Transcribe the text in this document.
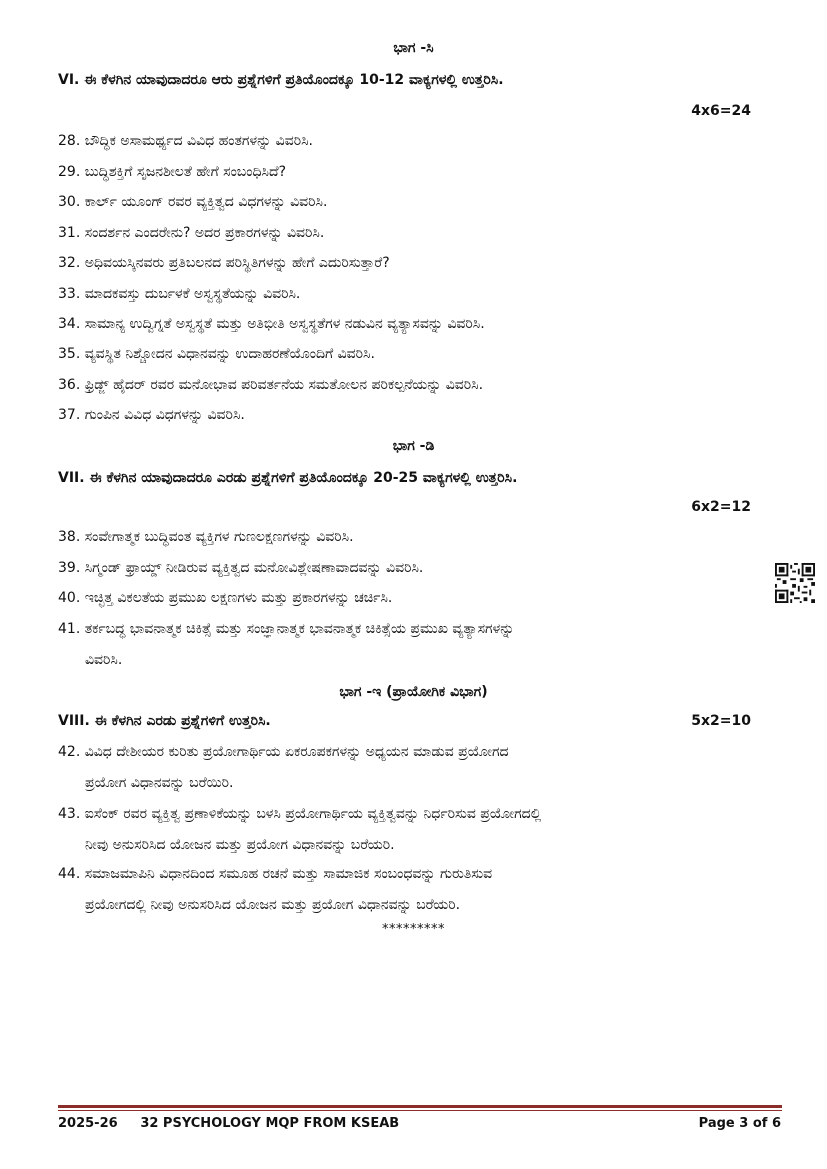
ಭಾಗ -ಸಿ
VI. ಈ ಕೆಳಗಿನ ಯಾವುದಾದರೂ ಆರು ಪ್ರಶ್ನೆಗಳಿಗೆ ಪ್ರತಿಯೊಂದಕ್ಕೂ 10-12 ವಾಕ್ಯಗಳಲ್ಲಿ ಉತ್ತರಿಸಿ.
4x6=24
28. ಬೌದ್ಧಿಕ ಅಸಾಮರ್ಥ್ಯದ ವಿವಿಧ ಹಂತಗಳನ್ನು ವಿವರಿಸಿ.
29. ಬುದ್ಧಿಶಕ್ತಿಗೆ ಸೃಜನಶೀಲತೆ ಹೇಗೆ ಸಂಬಂಧಿಸಿದೆ?
30. ಕಾರ್ಲ್ ಯೂಂಗ್ ರವರ ವ್ಯಕ್ತಿತ್ವದ ವಿಧಗಳನ್ನು ವಿವರಿಸಿ.
31. ಸಂದರ್ಶನ ಎಂದರೇನು? ಅದರ ಪ್ರಕಾರಗಳನ್ನು ವಿವರಿಸಿ.
32. ಅಧಿವಯಸ್ಕಿನವರು ಪ್ರತಿಬಲನದ ಪರಿಸ್ಥಿತಿಗಳನ್ನು ಹೇಗೆ ಎದುರಿಸುತ್ತಾರೆ?
33. ಮಾದಕವಸ್ತು ದುರ್ಬಳಕೆ ಅಸ್ವಸ್ಥತೆಯನ್ನು ವಿವರಿಸಿ.
34. ಸಾಮಾನ್ಯ ಉದ್ವಿಗ್ನತೆ ಅಸ್ವಸ್ಥತೆ ಮತ್ತು ಅತಿಭೀತಿ ಅಸ್ವಸ್ಥತೆಗಳ ನಡುವಿನ ವ್ಯತ್ಯಾಸವನ್ನು ವಿವರಿಸಿ.
35. ವ್ಯವಸ್ಥಿತ ನಿಶ್ಚೋದನ ವಿಧಾನವನ್ನು ಉದಾಹರಣೆಯೊಂದಿಗೆ ವಿವರಿಸಿ.
36. ಫ್ರಿಡ್ಜ್ ಹೈದರ್ ರವರ ಮನೋಭಾವ ಪರಿವರ್ತನೆಯ ಸಮತೋಲನ ಪರಿಕಲ್ಪನೆಯನ್ನು ವಿವರಿಸಿ.
37. ಗುಂಪಿನ ವಿವಿಧ ವಿಧಗಳನ್ನು ವಿವರಿಸಿ.
ಭಾಗ -ಡಿ
VII. ಈ ಕೆಳಗಿನ ಯಾವುದಾದರೂ ಎರಡು ಪ್ರಶ್ನೆಗಳಿಗೆ ಪ್ರತಿಯೊಂದಕ್ಕೂ 20-25 ವಾಕ್ಯಗಳಲ್ಲಿ ಉತ್ತರಿಸಿ.
6x2=12
38. ಸಂವೇಗಾತ್ಮಕ ಬುದ್ಧಿವಂತ ವ್ಯಕ್ತಿಗಳ ಗುಣಲಕ್ಷಣಗಳನ್ನು ವಿವರಿಸಿ.
39. ಸಿಗ್ಮಂಡ್ ಫ್ರಾಯ್ಡ್ ನೀಡಿರುವ ವ್ಯಕ್ತಿತ್ವದ ಮನೋವಿಶ್ಲೇಷಣಾವಾದವನ್ನು ವಿವರಿಸಿ.
40. ಇಚ್ಛಿತ್ತ ವಿಕಲತೆಯ ಪ್ರಮುಖ ಲಕ್ಷಣಗಳು ಮತ್ತು ಪ್ರಕಾರಗಳನ್ನು ಚರ್ಚಿಸಿ.
41. ತರ್ಕಬದ್ಧ ಭಾವನಾತ್ಮಕ ಚಿಕಿತ್ಸೆ ಮತ್ತು ಸಂಜ್ಞಾನಾತ್ಮಕ ಭಾವನಾತ್ಮಕ ಚಿಕಿತ್ಸೆಯ ಪ್ರಮುಖ ವ್ಯತ್ಯಾಸಗಳನ್ನು
ವಿವರಿಸಿ.
ಭಾಗ -ಇ (ಪ್ರಾಯೋಗಿಕ ವಿಭಾಗ)
VIII. ಈ ಕೆಳಗಿನ ಎರಡು ಪ್ರಶ್ನೆಗಳಿಗೆ ಉತ್ತರಿಸಿ.	5x2=10
42. ವಿವಿಧ ದೇಶೀಯರ ಕುರಿತು ಪ್ರಯೋಗಾರ್ಥಿಯ ಏಕರೂಪಕಗಳನ್ನು ಅಧ್ಯಯನ ಮಾಡುವ ಪ್ರಯೋಗದ
ಪ್ರಯೋಗ ವಿಧಾನವನ್ನು ಬರೆಯಿರಿ.
43. ಐಸೆಂಕ್ ರವರ ವ್ಯಕ್ತಿತ್ವ ಪ್ರಣಾಳಿಕೆಯನ್ನು ಬಳಸಿ ಪ್ರಯೋಗಾರ್ಥಿಯ ವ್ಯಕ್ತಿತ್ವವನ್ನು ನಿರ್ಧರಿಸುವ ಪ್ರಯೋಗದಲ್ಲಿ
ನೀವು ಅನುಸರಿಸಿದ ಯೋಜನ ಮತ್ತು ಪ್ರಯೋಗ ವಿಧಾನವನ್ನು ಬರೆಯರಿ.
44. ಸಮಾಜಮಾಪಿನಿ ವಿಧಾನದಿಂದ ಸಮೂಹ ರಚನೆ ಮತ್ತು ಸಾಮಾಜಿಕ ಸಂಬಂಧವನ್ನು ಗುರುತಿಸುವ
ಪ್ರಯೋಗದಲ್ಲಿ ನೀವು ಅನುಸರಿಸಿದ ಯೋಜನ ಮತ್ತು ಪ್ರಯೋಗ ವಿಧಾನವನ್ನು ಬರೆಯರಿ.
*********
2025-26 32 PSYCHOLOGY MQP FROM KSEAB	Page 3 of 6
